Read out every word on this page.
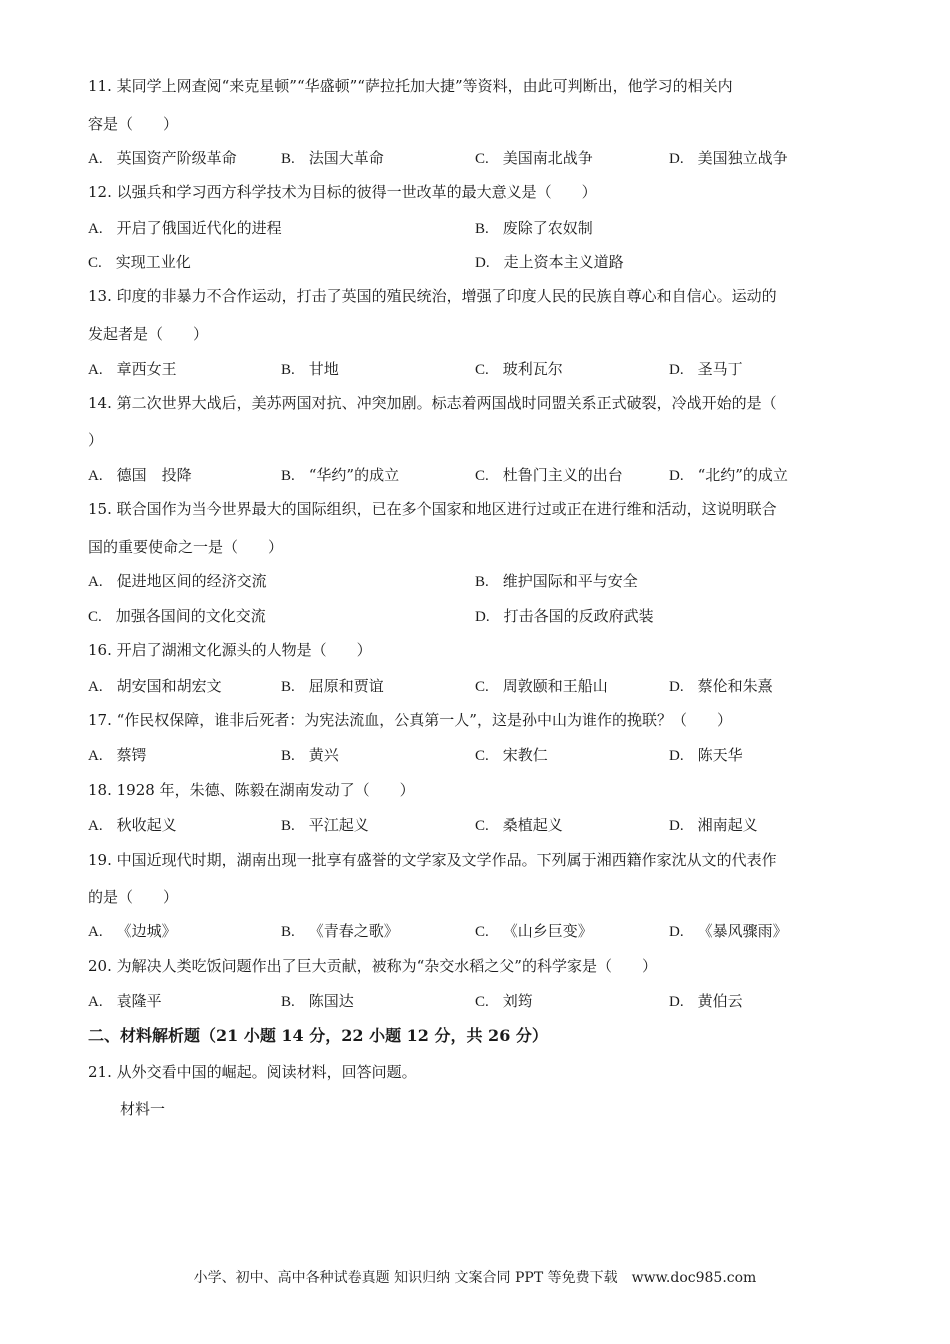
11. 某同学上网查阅“来克星顿”“华盛顿”“萨拉托加大捷”等资料，由此可判断出，他学习的相关内
容是（　　）
A. 英国资产阶级革命	B. 法国大革命	C. 美国南北战争	D. 美国独立战争
12. 以强兵和学习西方科学技术为目标的彼得一世改革的最大意义是（　　）
A. 开启了俄国近代化的进程	B. 废除了农奴制
C. 实现工业化	D. 走上资本主义道路
13. 印度的非暴力不合作运动，打击了英国的殖民统治，增强了印度人民的民族自尊心和自信心。运动的
发起者是（　　）
A. 章西女王	B. 甘地	C. 玻利瓦尔	D. 圣马丁
14. 第二次世界大战后，美苏两国对抗、冲突加剧。标志着两国战时同盟关系正式破裂，冷战开始的是（
）
A. 德国　投降	B. “华约”的成立	C. 杜鲁门主义的出台	D. “北约”的成立
15. 联合国作为当今世界最大的国际组织，已在多个国家和地区进行过或正在进行维和活动，这说明联合
国的重要使命之一是（　　）
A. 促进地区间的经济交流	B. 维护国际和平与安全
C. 加强各国间的文化交流	D. 打击各国的反政府武装
16. 开启了湖湘文化源头的人物是（　　）
A. 胡安国和胡宏文	B. 屈原和贾谊	C. 周敦颐和王船山	D. 蔡伦和朱熹
17. “作民权保障，谁非后死者：为宪法流血，公真第一人”，这是孙中山为谁作的挽联？（　　）
A. 蔡锷	B. 黄兴	C. 宋教仁	D. 陈天华
18. 1928 年，朱德、陈毅在湖南发动了（　　）
A. 秋收起义	B. 平江起义	C. 桑植起义	D. 湘南起义
19. 中国近现代时期，湖南出现一批享有盛誉的文学家及文学作品。下列属于湘西籍作家沈从文的代表作
的是（　　）
A. 《边城》	B. 《青春之歌》	C. 《山乡巨变》	D. 《暴风骤雨》
20. 为解决人类吃饭问题作出了巨大贡献，被称为“杂交水稻之父”的科学家是（　　）
A. 袁隆平	B. 陈国达	C. 刘筠	D. 黄伯云
二、材料解析题（21 小题 14 分，22 小题 12 分，共 26 分）
21. 从外交看中国的崛起。阅读材料，回答问题。
材料一
小学、初中、高中各种试卷真题 知识归纳 文案合同 PPT 等免费下载　www.doc985.com
